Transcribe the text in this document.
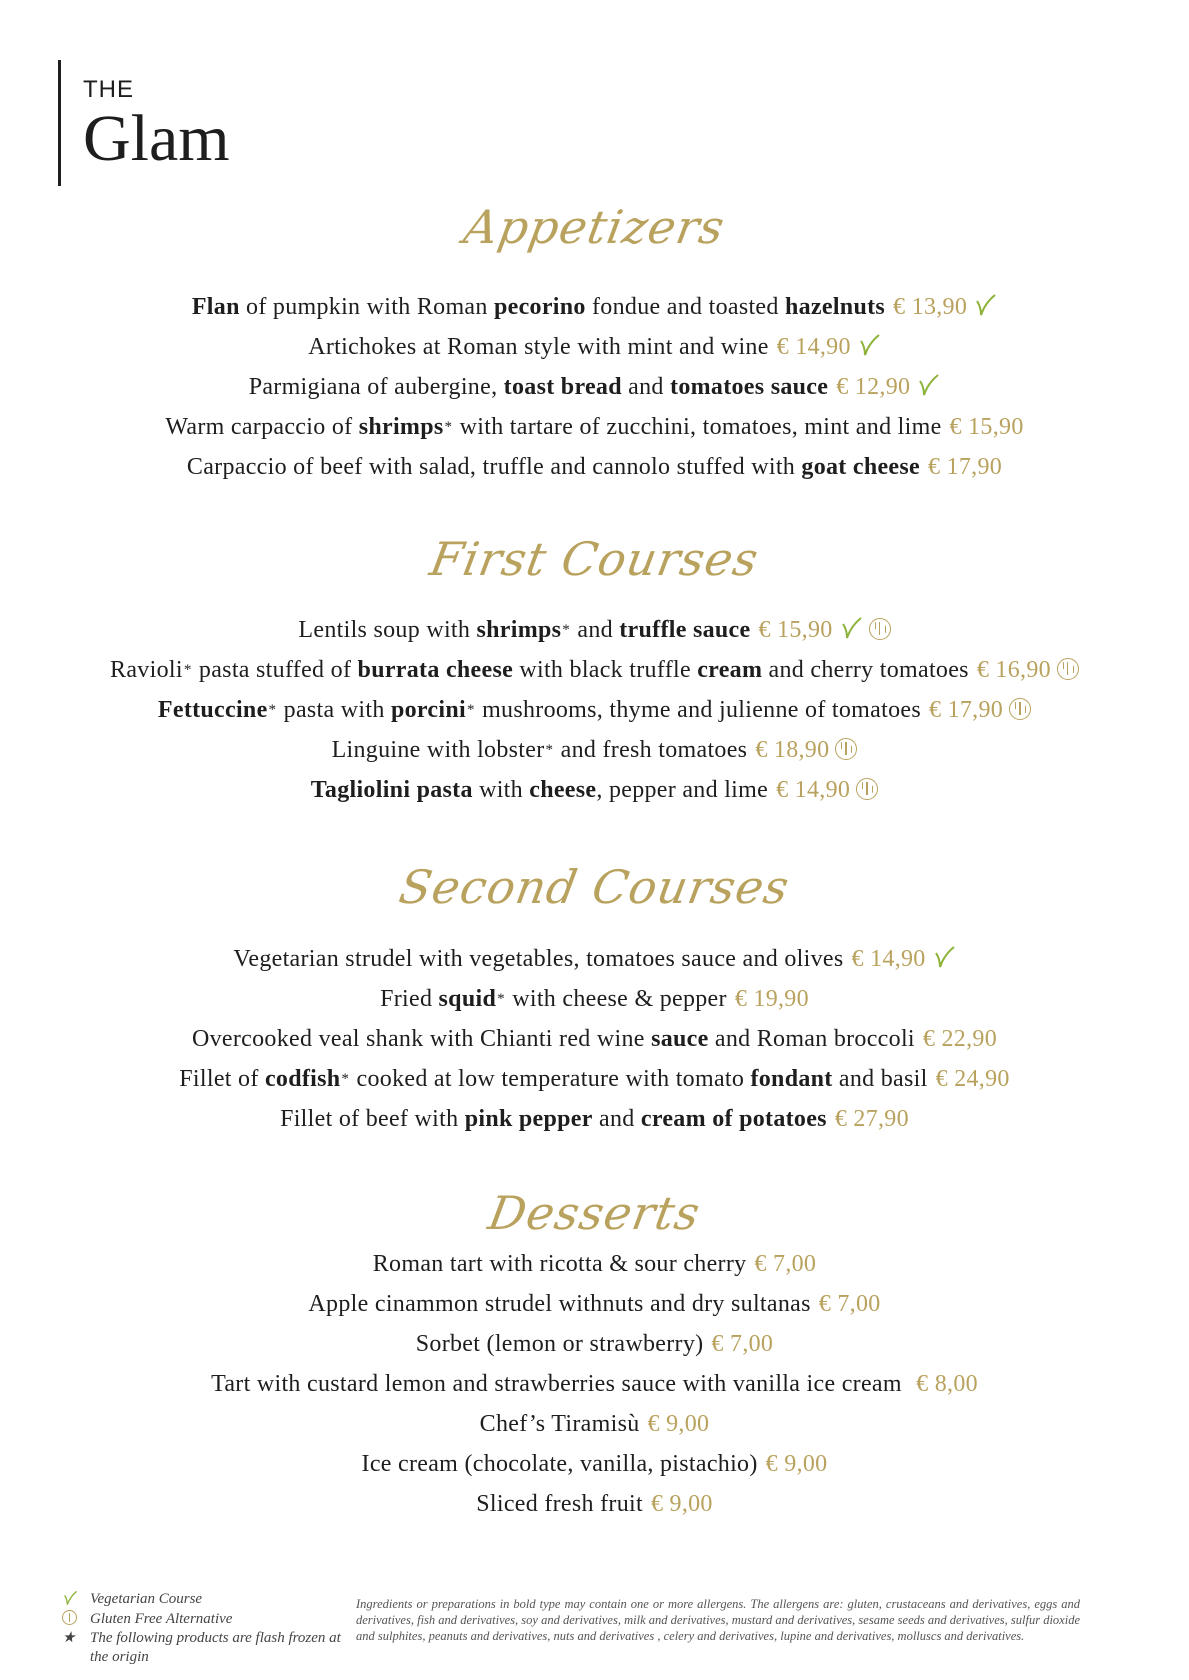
THE
Glam
Appetizers
Flan of pumpkin with Roman pecorino fondue and toasted hazelnuts € 13,90
Artichokes at Roman style with mint and wine € 14,90
Parmigiana of aubergine, toast bread and tomatoes sauce € 12,90
Warm carpaccio of shrimps* with tartare of zucchini, tomatoes, mint and lime € 15,90
Carpaccio of beef with salad, truffle and cannolo stuffed with goat cheese € 17,90
First Courses
Lentils soup with shrimps* and truffle sauce € 15,90
Ravioli* pasta stuffed of burrata cheese with black truffle cream and cherry tomatoes € 16,90
Fettuccine* pasta with porcini* mushrooms, thyme and julienne of tomatoes € 17,90
Linguine with lobster* and fresh tomatoes € 18,90
Tagliolini pasta with cheese, pepper and lime € 14,90
Second Courses
Vegetarian strudel with vegetables, tomatoes sauce and olives € 14,90
Fried squid* with cheese & pepper € 19,90
Overcooked veal shank with Chianti red wine sauce and Roman broccoli € 22,90
Fillet of codfish* cooked at low temperature with tomato fondant and basil € 24,90
Fillet of beef with pink pepper and cream of potatoes € 27,90
Desserts
Roman tart with ricotta & sour cherry € 7,00
Apple cinammon strudel withnuts and dry sultanas € 7,00
Sorbet (lemon or strawberry) € 7,00
Tart with custard lemon and strawberries sauce with vanilla ice cream € 8,00
Chef’s Tiramisù € 9,00
Ice cream (chocolate, vanilla, pistachio) € 9,00
Sliced fresh fruit € 9,00
Vegetarian Course
Gluten Free Alternative
★ The following products are flash frozen at the origin
Ingredients or preparations in bold type may contain one or more allergens. The allergens are: gluten, crustaceans and derivatives, eggs and derivatives, fish and derivatives, soy and derivatives, milk and derivatives, mustard and derivatives, sesame seeds and derivatives, sulfur dioxide and sulphites, peanuts and derivatives, nuts and derivatives , celery and derivatives, lupine and derivatives, molluscs and derivatives.
